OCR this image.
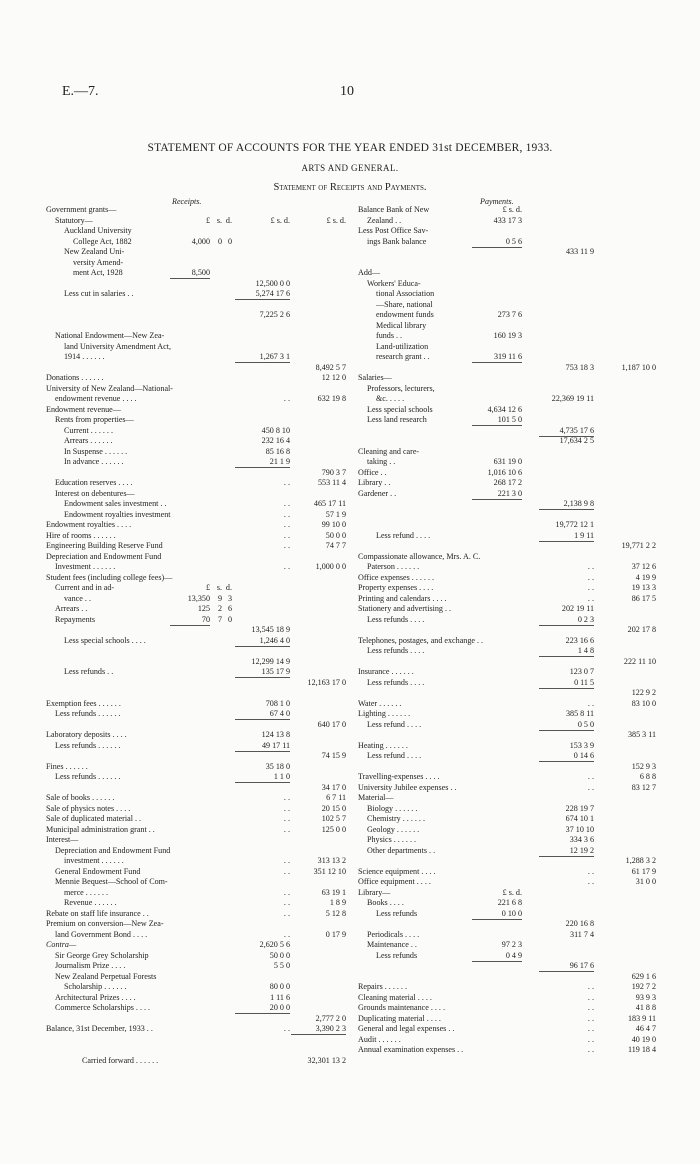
E.—7.	10
STATEMENT OF ACCOUNTS FOR THE YEAR ENDED 31st DECEMBER, 1933.
ARTS AND GENERAL.
Statement of Receipts and Payments.
Receipts.	Payments.
Government grants—
Statutory—	£ s. d.	£ s. d.	£ s. d.
Auckland University
College Act, 1882	4,000 0 0
New Zealand Uni-
versity Amend-
ment Act, 1928	8,500
12,500 0 0
Less cut in salaries . .	5,274 17 6
7,225 2 6
National Endowment—New Zea-
land University Amendment Act,
1914 . . . . . .	1,267 3 1
8,492 5 7
Donations . . . . . .	12 12 0
University of New Zealand—National-
endowment revenue . . . .	. .	632 19 8
Endowment revenue—
Rents from properties—
Current . . . . . .	450 8 10
Arrears . . . . . .	232 16 4
In Suspense . . . . . .	85 16 8
In advance . . . . . .	21 1 9
790 3 7
Education reserves . . . .	. .	553 11 4
Interest on debentures—
Endowment sales investment . .	. .	465 17 11
Endowment royalties investment	. .	57 1 9
Endowment royalties . . . .	. .	99 10 0
Hire of rooms . . . . . .	. .	50 0 0
Engineering Building Reserve Fund	. .	74 7 7
Depreciation and Endowment Fund
Investment . . . . . .	. .	1,000 0 0
Student fees (including college fees)—
Current and in ad-	£ s. d.
vance . .	13,350 9 3
Arrears . .	125 2 6
Repayments	70 7 0
13,545 18 9
Less special schools . . . .	1,246 4 0
12,299 14 9
Less refunds . .	135 17 9
12,163 17 0
Exemption fees . . . . . .	708 1 0
Less refunds . . . . . .	67 4 0
640 17 0
Laboratory deposits . . . .	124 13 8
Less refunds . . . . . .	49 17 11
74 15 9
Fines . . . . . .	35 18 0
Less refunds . . . . . .	1 1 0
34 17 0
Sale of books . . . . . .	. .	6 7 11
Sale of physics notes . . . .	. .	20 15 0
Sale of duplicated material . .	. .	102 5 7
Municipal administration grant . .	. .	125 0 0
Interest—
Depreciation and Endowment Fund
investment . . . . . .	. .	313 13 2
General Endowment Fund	. .	351 12 10
Mennie Bequest—School of Com-
merce . . . . . .	. .	63 19 1
Revenue . . . . . .	. .	1 8 9
Rebate on staff life insurance . .	. .	5 12 8
Premium on conversion—New Zea-
land Government Bond . . . .	. .	0 17 9
Contra—	2,620 5 6
Sir George Grey Scholarship	50 0 0
Journalism Prize . . . .	5 5 0
New Zealand Perpetual Forests
Scholarship . . . . . .	80 0 0
Architectural Prizes . . . .	1 11 6
Commerce Scholarships . . . .	20 0 0
2,777 2 0
Balance, 31st December, 1933 . .	. .	3,390 2 3
Carried forward . . . . . .	32,301 13 2
Balance Bank of New	£ s. d.
Zealand . .	433 17 3
Less Post Office Sav-
ings Bank balance	0 5 6
433 11 9
Add—
Workers' Educa-
tional Association
—Share, national
endowment funds	273 7 6
Medical library
funds . .	160 19 3
Land-utilization
research grant . .	319 11 6
753 18 3	1,187 10 0
Salaries—
Professors, lecturers,
&c. . . . .	22,369 19 11
Less special schools	4,634 12 6
Less land research	101 5 0
4,735 17 6
17,634 2 5
Cleaning and care-
taking . .	631 19 0
Office . .	1,016 10 6
Library . .	268 17 2
Gardener . .	221 3 0
2,138 9 8
19,772 12 1
Less refund . . . .	1 9 11
19,771 2 2
Compassionate allowance, Mrs. A. C.
Paterson . . . . . .	. .	37 12 6
Office expenses . . . . . .	. .	4 19 9
Property expenses . . . .	. .	19 13 3
Printing and calendars . . . .	. .	86 17 5
Stationery and advertising . .	202 19 11
Less refunds . . . .	0 2 3
202 17 8
Telephones, postages, and exchange . .	223 16 6
Less refunds . . . .	1 4 8
222 11 10
Insurance . . . . . .	123 0 7
Less refunds . . . .	0 11 5
122 9 2
Water . . . . . .	. .	83 10 0
Lighting . . . . . .	385 8 11
Less refund . . . .	0 5 0
385 3 11
Heating . . . . . .	153 3 9
Less refund . . . .	0 14 6
152 9 3
Travelling-expenses . . . .	. .	6 8 8
University Jubilee expenses . .	. .	83 12 7
Material—
Biology . . . . . .	228 19 7
Chemistry . . . . . .	674 10 1
Geology . . . . . .	37 10 10
Physics . . . . . .	334 3 6
Other departments . .	12 19 2
1,288 3 2
Science equipment . . . .	. .	61 17 9
Office equipment . . . .	. .	31 0 0
Library—	£ s. d.
Books . . . .	221 6 8
Less refunds	0 10 0
220 16 8
Periodicals . . . .	311 7 4
Maintenance . .	97 2 3
Less refunds	0 4 9
96 17 6
629 1 6
Repairs . . . . . .	. .	192 7 2
Cleaning material . . . .	. .	93 9 3
Grounds maintenance . . . .	. .	41 8 8
Duplicating material . . . .	. .	183 9 11
General and legal expenses . .	. .	46 4 7
Audit . . . . . .	. .	40 19 0
Annual examination expenses . .	. .	119 18 4
